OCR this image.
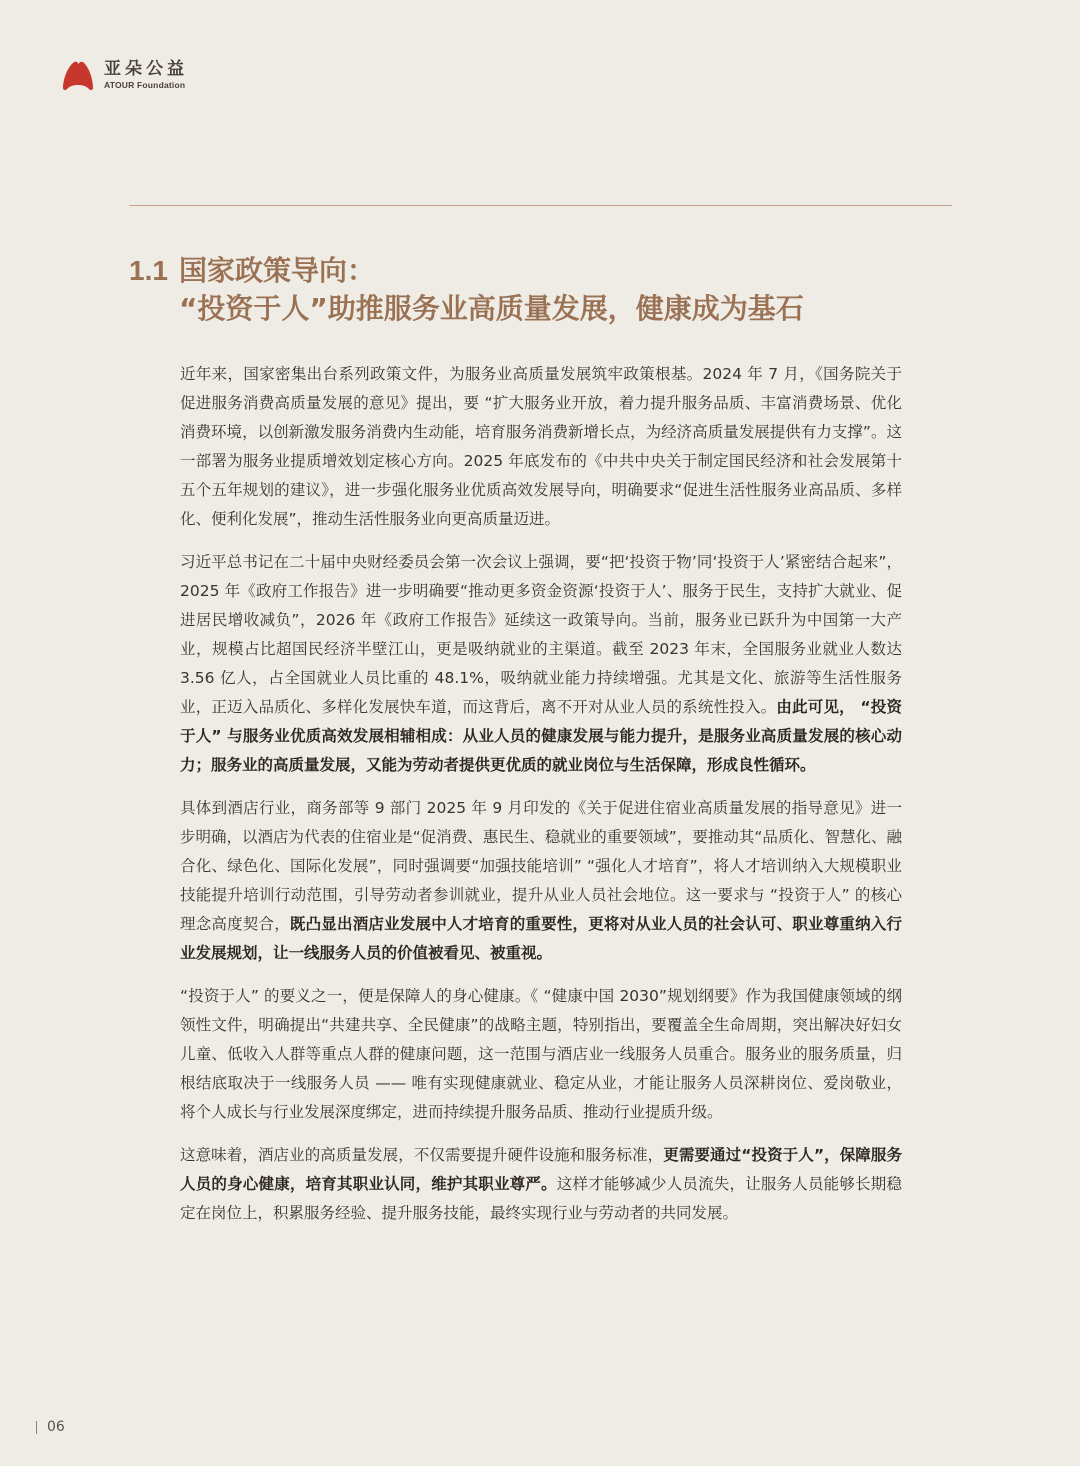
亚朵公益
ATOUR Foundation
1.1 国家政策导向：
“投资于人”助推服务业高质量发展，健康成为基石

近年来，国家密集出台系列政策文件，为服务业高质量发展筑牢政策根基。2024 年 7 月，《国务院关于促进服务消费高质量发展的意见》提出，要 “扩大服务业开放，着力提升服务品质、丰富消费场景、优化消费环境，以创新激发服务消费内生动能，培育服务消费新增长点，为经济高质量发展提供有力支撑”。这一部署为服务业提质增效划定核心方向。2025 年底发布的《中共中央关于制定国民经济和社会发展第十五个五年规划的建议》，进一步强化服务业优质高效发展导向，明确要求“促进生活性服务业高品质、多样化、便利化发展”，推动生活性服务业向更高质量迈进。

习近平总书记在二十届中央财经委员会第一次会议上强调，要“把‘投资于物’同‘投资于人’紧密结合起来”，2025 年《政府工作报告》进一步明确要“推动更多资金资源‘投资于人’、服务于民生，支持扩大就业、促进居民增收减负”，2026 年《政府工作报告》延续这一政策导向。当前，服务业已跃升为中国第一大产业，规模占比超国民经济半壁江山，更是吸纳就业的主渠道。截至 2023 年末，全国服务业就业人数达 3.56 亿人，占全国就业人员比重的 48.1%，吸纳就业能力持续增强。尤其是文化、旅游等生活性服务业，正迈入品质化、多样化发展快车道，而这背后，离不开对从业人员的系统性投入。由此可见， “投资于人” 与服务业优质高效发展相辅相成：从业人员的健康发展与能力提升，是服务业高质量发展的核心动力；服务业的高质量发展，又能为劳动者提供更优质的就业岗位与生活保障，形成良性循环。

具体到酒店行业，商务部等 9 部门 2025 年 9 月印发的《关于促进住宿业高质量发展的指导意见》进一步明确，以酒店为代表的住宿业是“促消费、惠民生、稳就业的重要领域”，要推动其“品质化、智慧化、融合化、绿色化、国际化发展”，同时强调要“加强技能培训” “强化人才培育”，将人才培训纳入大规模职业技能提升培训行动范围，引导劳动者参训就业，提升从业人员社会地位。这一要求与 “投资于人” 的核心理念高度契合，既凸显出酒店业发展中人才培育的重要性，更将对从业人员的社会认可、职业尊重纳入行业发展规划，让一线服务人员的价值被看见、被重视。

“投资于人” 的要义之一，便是保障人的身心健康。《 “健康中国 2030”规划纲要》作为我国健康领域的纲领性文件，明确提出“共建共享、全民健康”的战略主题，特别指出，要覆盖全生命周期，突出解决好妇女儿童、低收入人群等重点人群的健康问题，这一范围与酒店业一线服务人员重合。服务业的服务质量，归根结底取决于一线服务人员 —— 唯有实现健康就业、稳定从业，才能让服务人员深耕岗位、爱岗敬业，将个人成长与行业发展深度绑定，进而持续提升服务品质、推动行业提质升级。

这意味着，酒店业的高质量发展，不仅需要提升硬件设施和服务标准，更需要通过“投资于人”，保障服务人员的身心健康，培育其职业认同，维护其职业尊严。这样才能够减少人员流失，让服务人员能够长期稳定在岗位上，积累服务经验、提升服务技能，最终实现行业与劳动者的共同发展。

06
